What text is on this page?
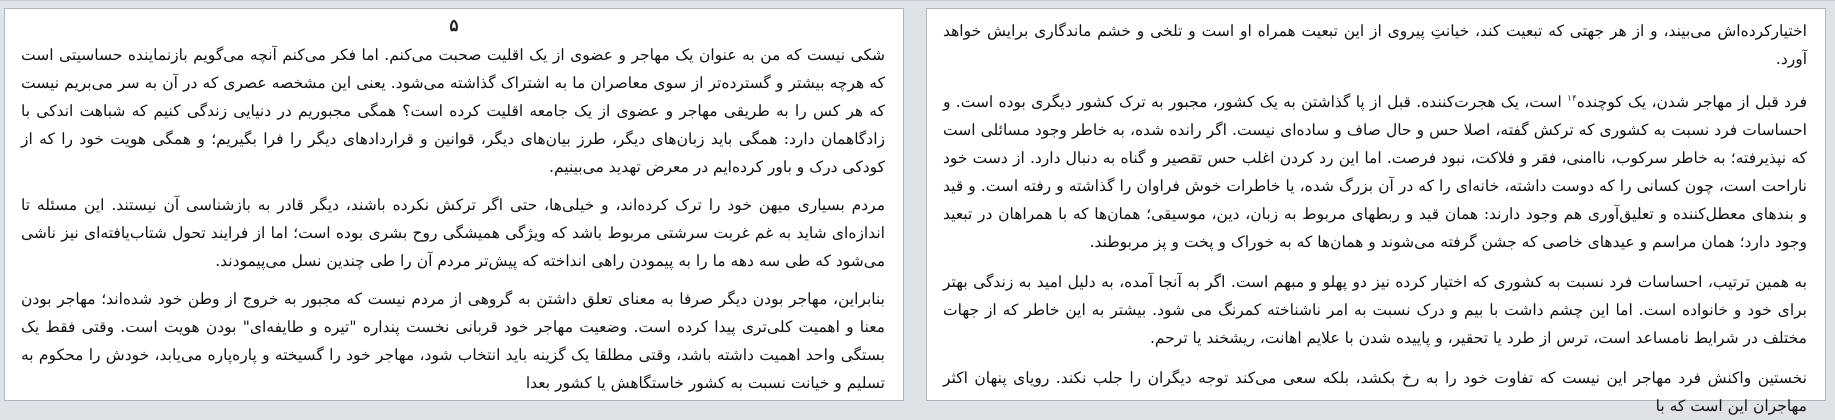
۵

شکی نیست که من به عنوان یک مهاجر و عضوی از یک اقلیت صحبت می‌کنم. اما فکر می‌کنم آنچه می‌گویم بازنماینده حساسیتی است که هرچه بیشتر و گسترده‌تر از سوی معاصران ما به اشتراک گذاشته می‌شود. یعنی این مشخصه عصری که در آن به سر می‌بریم نیست که هر کس را به طریقی مهاجر و عضوی از یک جامعه اقلیت کرده است؟ همگی مجبوریم در دنیایی زندگی کنیم که شباهت اندکی با زادگاهمان دارد: همگی باید زبان‌های دیگر، طرز بیان‌های دیگر، قوانین و قراردادهای دیگر را فرا بگیریم؛ و همگی هویت خود را که از کودکی درک و باور کرده‌ایم در معرض تهدید می‌بینیم.

مردم بسیاری میهن خود را ترک کرده‌اند، و خیلی‌ها، حتی اگر ترکش نکرده باشند، دیگر قادر به بازشناسی آن نیستند. این مسئله تا اندازه‌ای شاید به غم غربت سرشتی مربوط باشد که ویژگی همیشگی روح بشری بوده است؛ اما از فرایند تحول شتاب‌یافته‌ای نیز ناشی می‌شود که طی سه دهه ما را به پیمودن راهی انداخته که پیش‌تر مردم آن را طی چندین نسل می‌پیمودند.

بنابراین، مهاجر بودن دیگر صرفا به معنای تعلق داشتن به گروهی از مردم نیست که مجبور به خروج از وطن خود شده‌اند؛ مهاجر بودن معنا و اهمیت کلی‌تری پیدا کرده است. وضعیت مهاجر خود قربانی نخست پنداره "تیره و طایفه‌ای" بودن هویت است. وقتی فقط یک بستگی واحد اهمیت داشته باشد، وقتی مطلقا یک گزینه باید انتخاب شود، مهاجر خود را گسیخته و پاره‌پاره می‌یابد، خودش را محکوم به تسلیم و خیانت نسبت به کشور خاستگاهش یا کشور بعدا

اختیارکرده‌اش می‌بیند، و از هر جهتی که تبعیت کند، خیانتِ پیروی از این تبعیت همراه او است و تلخی و خشم ماندگاری برایش خواهد آورد.

فرد قبل از مهاجر شدن، یک کوچنده$^{۱۴}$ است، یک هجرت‌کننده. قبل از پا گذاشتن به یک کشور، مجبور به ترک کشور دیگری بوده است. و احساسات فرد نسبت به کشوری که ترکش گفته، اصلا حس و حال صاف و ساده‌ای نیست. اگر رانده شده، به خاطر وجود مسائلی است که نپذیرفته؛ به خاطر سرکوب، ناامنی، فقر و فلاکت، نبود فرصت. اما این رد کردن اغلب حس تقصیر و گناه به دنبال دارد. از دست خود ناراحت است، چون کسانی را که دوست داشته، خانه‌ای را که در آن بزرگ شده، یا خاطرات خوش فراوان را گذاشته و رفته است. و قید و بندهای معطل‌کننده و تعلیق‌آوری هم وجود دارند: همان قید و ربطهای مربوط به زبان، دین، موسیقی؛ همان‌ها که با همراهان در تبعید وجود دارد؛ همان مراسم و عیدهای خاصی که جشن گرفته می‌شوند و همان‌ها که به خوراک و پخت و پز مربوطند.

به همین ترتیب، احساسات فرد نسبت به کشوری که اختیار کرده نیز دو پهلو و مبهم است. اگر به آنجا آمده، به دلیل امید به زندگی بهتر برای خود و خانواده است. اما این چشم داشت با بیم و درک نسبت به امر ناشناخته کمرنگ می شود. بیشتر به این خاطر که از جهات مختلف در شرایط نامساعد است، ترس از طرد یا تحقیر، و پاییده شدن با علایم اهانت، ریشخند یا ترحم.

نخستین واکنش فرد مهاجر این نیست که تفاوت خود را به رخ بکشد، بلکه سعی می‌کند توجه دیگران را جلب نکند. رویای پنهان اکثر مهاجران این است که با
